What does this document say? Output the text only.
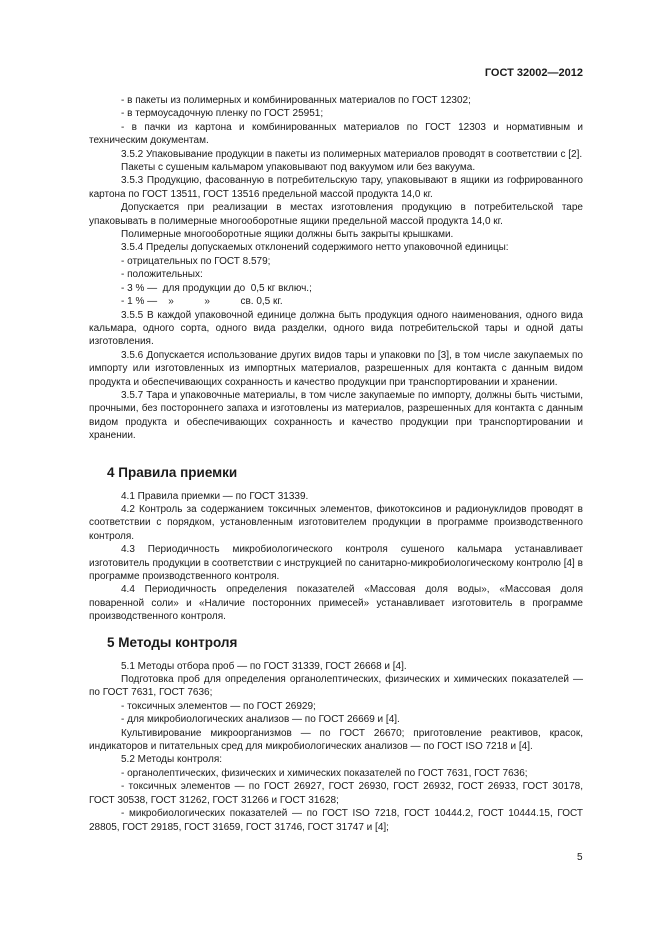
ГОСТ 32002—2012

- в пакеты из полимерных и комбинированных материалов по ГОСТ 12302;

- в термоусадочную пленку по ГОСТ 25951;

- в пачки из картона и комбинированных материалов по ГОСТ 12303 и нормативным и техническим документам.

3.5.2 Упаковывание продукции в пакеты из полимерных материалов проводят в соответствии с [2].

Пакеты с сушеным кальмаром упаковывают под вакуумом или без вакуума.

3.5.3 Продукцию, фасованную в потребительскую тару, упаковывают в ящики из гофрированного картона по ГОСТ 13511, ГОСТ 13516 предельной массой продукта 14,0 кг.

Допускается при реализации в местах изготовления продукцию в потребительской таре упаковывать в полимерные многооборотные ящики предельной массой продукта 14,0 кг.

Полимерные многооборотные ящики должны быть закрыты крышками.

3.5.4 Пределы допускаемых отклонений содержимого нетто упаковочной единицы:

- отрицательных по ГОСТ 8.579;

- положительных:

- 3 % —  для продукции до  0,5 кг включ.;

- 1 % —    »           »           св. 0,5 кг.

3.5.5 В каждой упаковочной единице должна быть продукция одного наименования, одного вида кальмара, одного сорта, одного вида разделки, одного вида потребительской тары и одной даты изготовления.

3.5.6 Допускается использование других видов тары и упаковки по [3], в том числе закупаемых по импорту или изготовленных из импортных материалов, разрешенных для контакта с данным видом продукта и обеспечивающих сохранность и качество продукции при транспортировании и хранении.

3.5.7 Тара и упаковочные материалы, в том числе закупаемые по импорту, должны быть чистыми, прочными, без постороннего запаха и изготовлены из материалов, разрешенных для контакта с данным видом продукта и обеспечивающих сохранность и качество продукции при транспортировании и хранении.

4 Правила приемки

4.1 Правила приемки — по ГОСТ 31339.

4.2 Контроль за содержанием токсичных элементов, фикотоксинов и радионуклидов проводят в соответствии с порядком, установленным изготовителем продукции в программе производственного контроля.

4.3 Периодичность микробиологического контроля сушеного кальмара устанавливает изготовитель продукции в соответствии с инструкцией по санитарно-микробиологическому контролю [4] в программе производственного контроля.

4.4 Периодичность определения показателей «Массовая доля воды», «Массовая доля поваренной соли» и «Наличие посторонних примесей» устанавливает изготовитель в программе производственного контроля.

5 Методы контроля

5.1 Методы отбора проб — по ГОСТ 31339, ГОСТ 26668 и [4].

Подготовка проб для определения органолептических, физических и химических показателей — по ГОСТ 7631, ГОСТ 7636;

- токсичных элементов — по ГОСТ 26929;

- для микробиологических анализов — по ГОСТ 26669 и [4].

Культивирование микроорганизмов — по ГОСТ 26670; приготовление реактивов, красок, индикаторов и питательных сред для микробиологических анализов — по ГОСТ ISO 7218 и [4].

5.2 Методы контроля:

- органолептических, физических и химических показателей по ГОСТ 7631, ГОСТ 7636;

- токсичных элементов — по ГОСТ 26927, ГОСТ 26930, ГОСТ 26932, ГОСТ 26933, ГОСТ 30178, ГОСТ 30538, ГОСТ 31262, ГОСТ 31266 и ГОСТ 31628;

- микробиологических показателей — по ГОСТ ISO 7218, ГОСТ 10444.2, ГОСТ 10444.15, ГОСТ 28805, ГОСТ 29185, ГОСТ 31659, ГОСТ 31746, ГОСТ 31747 и [4];

5
